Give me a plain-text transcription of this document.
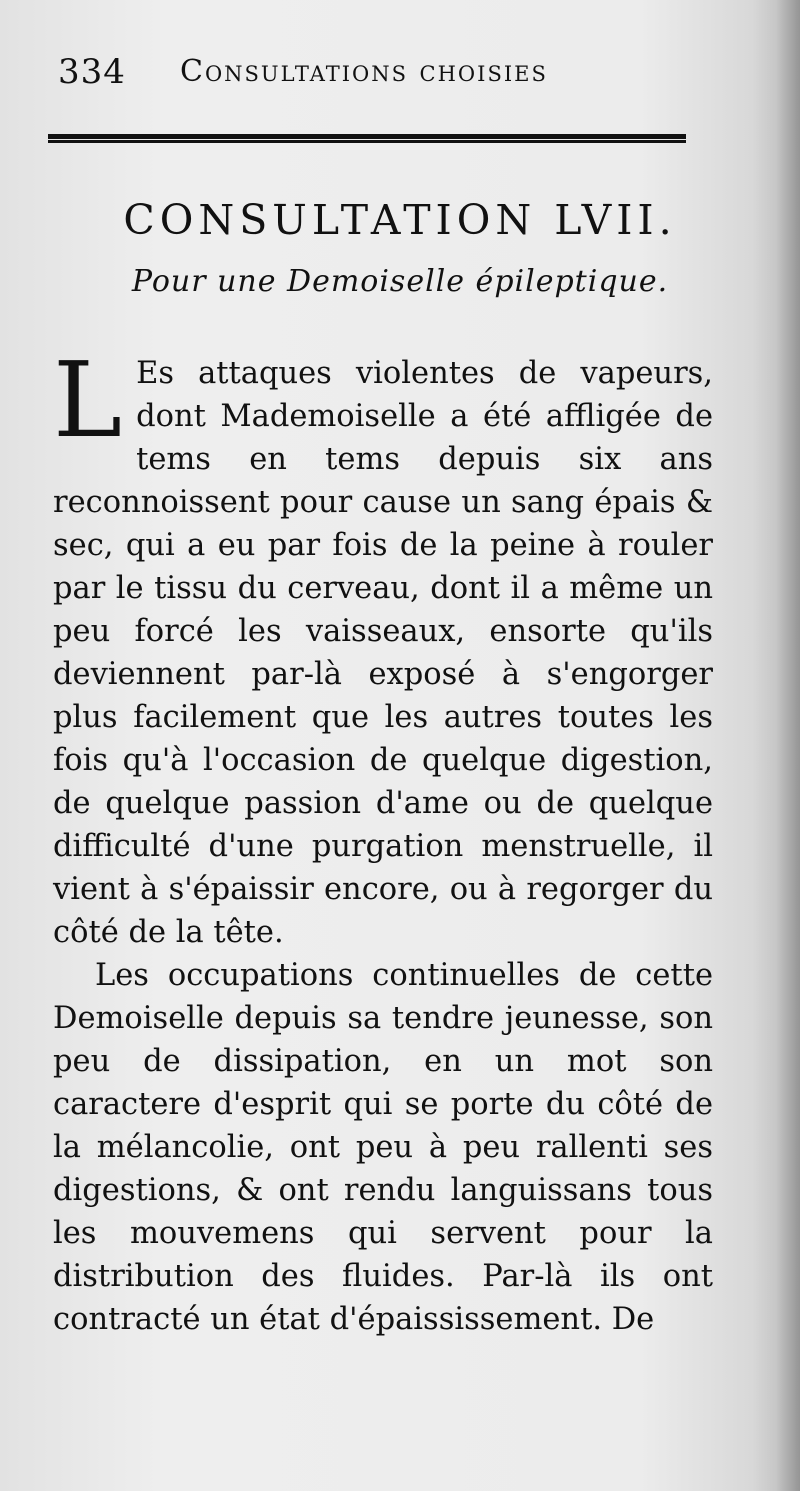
334 Consultations choisies
CONSULTATION LVII.
Pour une Demoiselle épileptique.

L Es attaques violentes de vapeurs, dont Mademoiselle a été affligée de tems en tems depuis six ans reconnoissent pour cause un sang épais & sec, qui a eu par fois de la peine à rouler par le tissu du cerveau, dont il a même un peu forcé les vaisseaux, ensorte qu'ils deviennent par-là exposé à s'engorger plus facilement que les autres toutes les fois qu'à l'occasion de quelque digestion, de quelque passion d'ame ou de quelque difficulté d'une purgation menstruelle, il vient à s'épaissir encore, ou à regorger du côté de la tête.

Les occupations continuelles de cette Demoiselle depuis sa tendre jeunesse, son peu de dissipation, en un mot son caractere d'esprit qui se porte du côté de la mélancolie, ont peu à peu rallenti ses digestions, & ont rendu languissans tous les mouvemens qui servent pour la distribution des fluides. Par-là ils ont contracté un état d'épaississement. De
